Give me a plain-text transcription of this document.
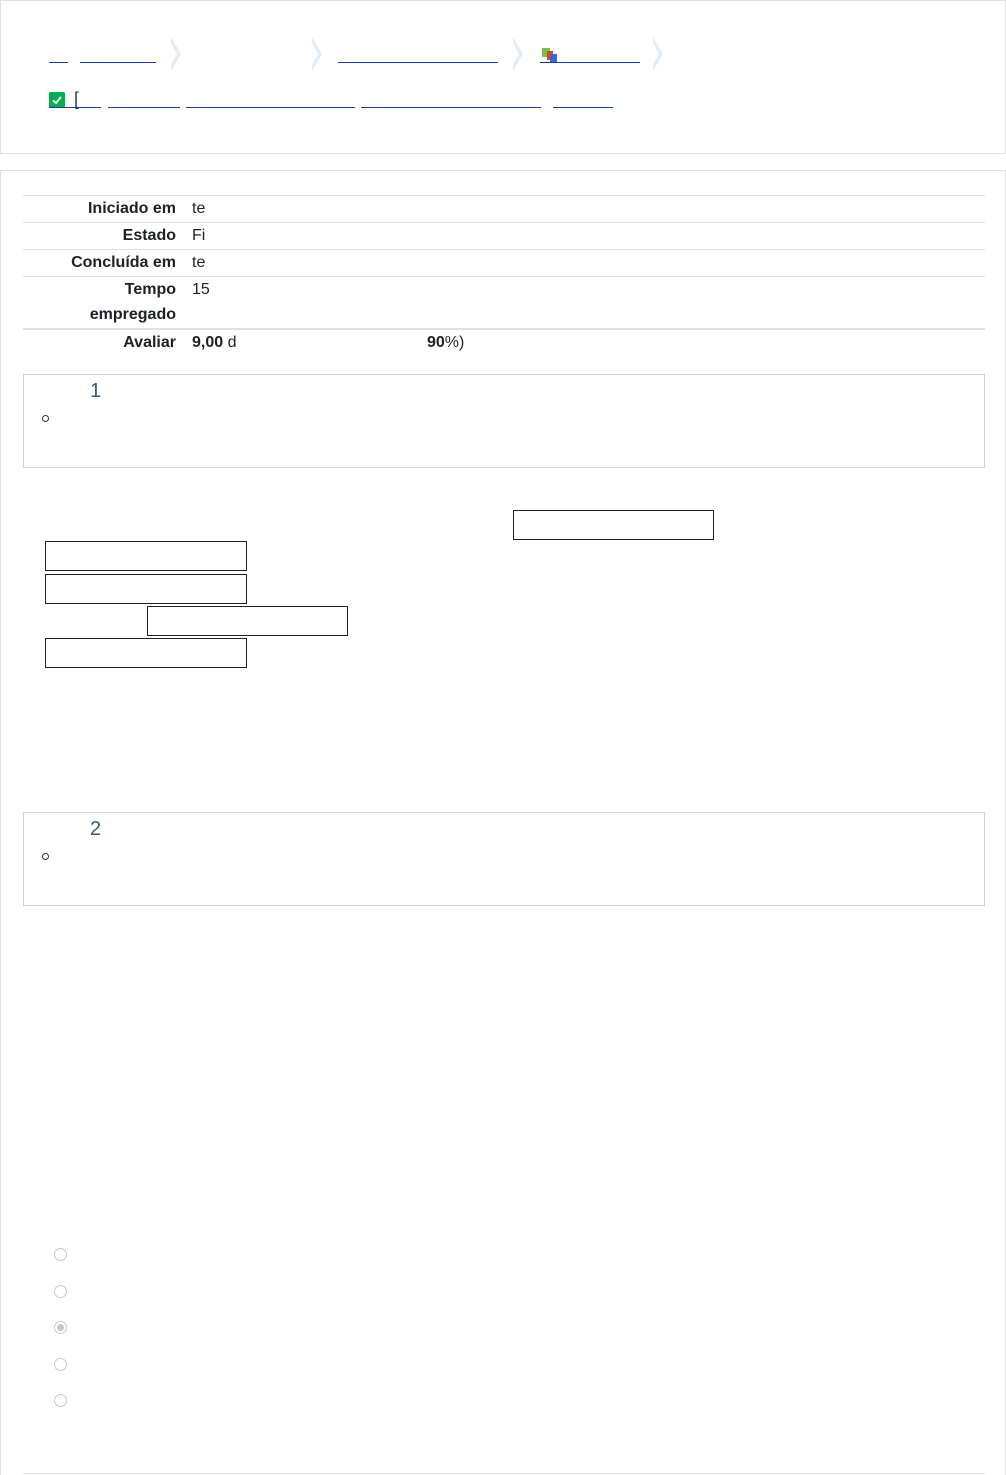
[
Iniciado em te
Estado Fi
Concluída em te
Tempo
empregado
15
Avaliar 9,00 d	90%)
1
2
